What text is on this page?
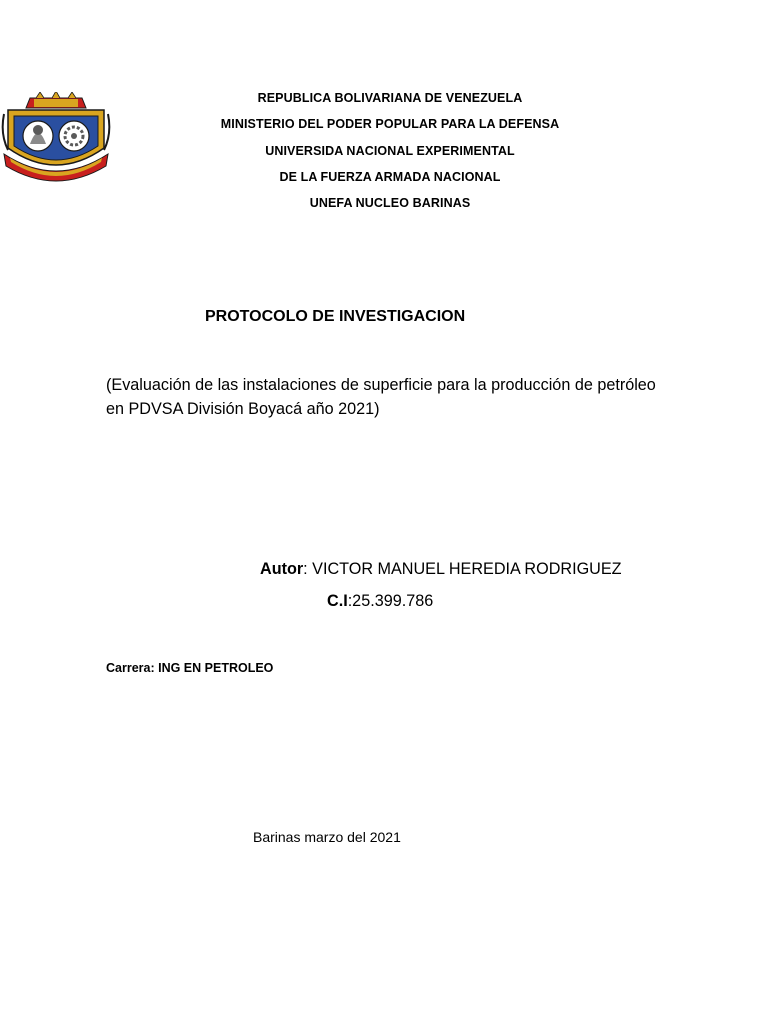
REPUBLICA BOLIVARIANA DE VENEZUELA
MINISTERIO DEL PODER POPULAR PARA LA DEFENSA
UNIVERSIDA NACIONAL EXPERIMENTAL
DE LA FUERZA ARMADA NACIONAL
UNEFA NUCLEO BARINAS
PROTOCOLO DE INVESTIGACION
(Evaluación de las instalaciones de superficie para la producción de petróleo en PDVSA División Boyacá año 2021)
Autor: VICTOR MANUEL HEREDIA RODRIGUEZ
C.I:25.399.786
Carrera: ING EN PETROLEO
Barinas marzo del 2021
